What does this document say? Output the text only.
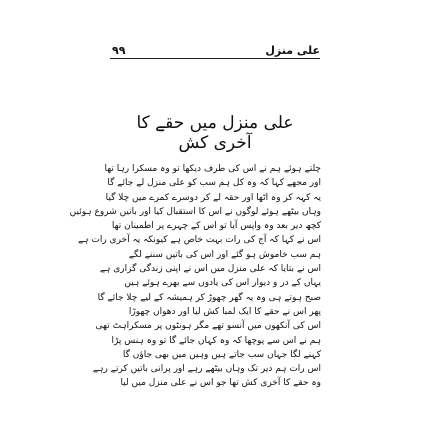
۹۹	علی منزل
علی منزل میں حقے کا آخری کش
چلتے ہوئے ہم نے اس کی طرف دیکھا تو وہ مسکرا رہا تھا
اور مجھے کہا کہ وہ کل ہم سب کو علی منزل لے جائے گا
یہ کہہ کر وہ اٹھا اور حقہ لے کر دوسرے کمرے میں چلا گیا
وہاں بیٹھے ہوئے لوگوں نے اس کا استقبال کیا اور باتیں شروع ہوئیں
کچھ دیر بعد وہ واپس آیا تو اس کے چہرے پر اطمینان تھا
اس نے کہا کہ آج کی رات بہت خاص ہے کیونکہ یہ آخری رات ہے
ہم سب خاموش ہو گئے اور اس کی باتیں سننے لگے
اس نے بتایا کہ علی منزل میں اس نے اپنی زندگی گزاری ہے
یہاں کے در و دیوار اس کی یادوں سے بھرے ہوئے ہیں
صبح ہوتے ہی وہ یہ گھر چھوڑ کر ہمیشہ کے لیے چلا جائے گا
پھر اس نے حقے کا ایک لمبا کش لیا اور دھواں چھوڑا
اس کی آنکھوں میں آنسو تھے مگر ہونٹوں پر مسکراہٹ تھی
ہم نے اس سے پوچھا کہ وہ کہاں جائے گا تو وہ ہنس پڑا
کہنے لگا جہاں سب جاتے ہیں وہیں میں بھی جاؤں گا
اس رات ہم دیر تک وہاں بیٹھے رہے اور پرانی باتیں کرتے رہے
وہ حقے کا آخری کش تھا جو اس نے علی منزل میں لیا
